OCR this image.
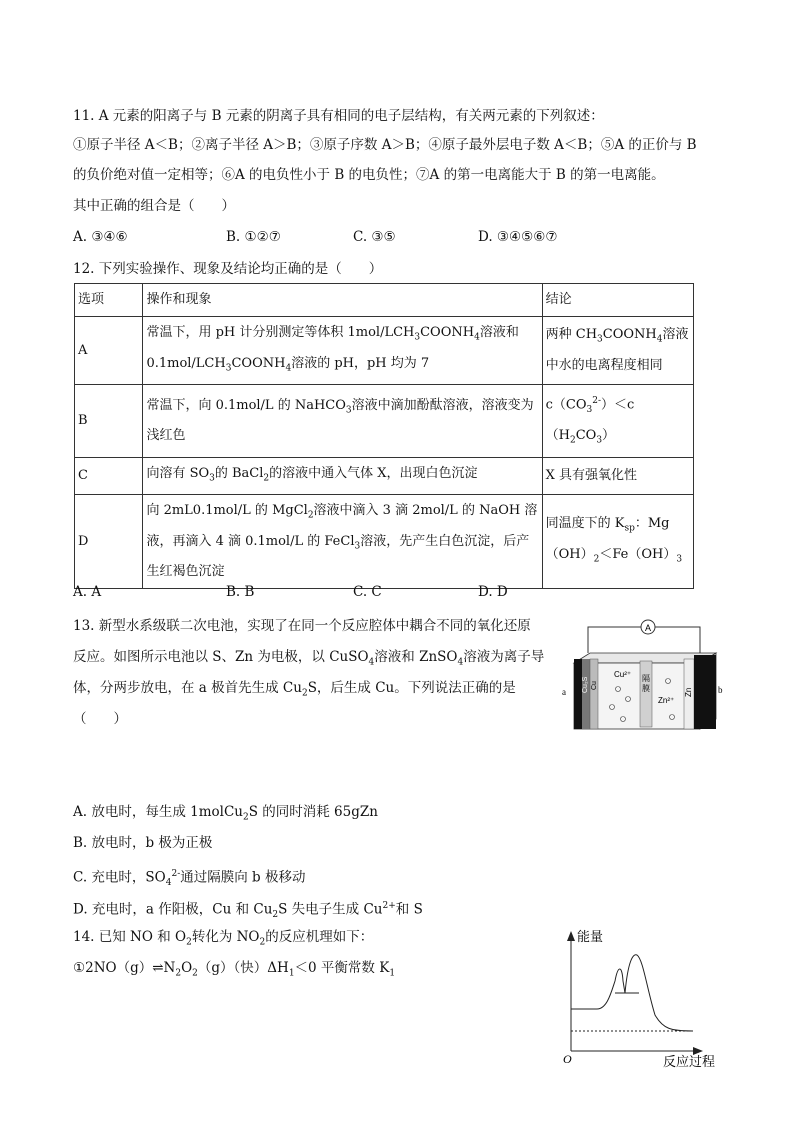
11. A 元素的阳离子与 B 元素的阴离子具有相同的电子层结构，有关两元素的下列叙述：
①原子半径 A＜B；②离子半径 A＞B；③原子序数 A＞B；④原子最外层电子数 A＜B；⑤A 的正价与 B
的负价绝对值一定相等；⑥A 的电负性小于 B 的电负性；⑦A 的第一电离能大于 B 的第一电离能。
其中正确的组合是（　　）
A. ③④⑥	B. ①②⑦	C. ③⑤	D. ③④⑤⑥⑦
12. 下列实验操作、现象及结论均正确的是（　　）
选项	操作和现象	结论
A	常温下，用 pH 计分别测定等体积 $1mol/LCH_3COONH_4$溶液和
$0.1mol/LCH_3COONH_4$溶液的 pH，pH 均为 7	两种 $CH_3COONH_4$溶液
中水的电离程度相同
B	常温下，向 0.1mol/L 的 NaHCO$_3$溶液中滴加酚酞溶液，溶液变为
浅红色	$c(CO_3^{2-})<c$
$(H_2CO_3)$
C	向溶有 $SO_3$的 BaCl$_2$的溶液中通入气体 X，出现白色沉淀	X 具有强氧化性
D	向 2mL0.1mol/L 的 MgCl$_2$溶液中滴入 3 滴 2mol/L 的 NaOH 溶
液，再滴入 4 滴 0.1mol/L 的 FeCl$_3$溶液，先产生白色沉淀，后产
生红褐色沉淀	同温度下的 $K_{sp}$：Mg
$(OH)_2<Fe(OH)_3$
A. A	B. B	C. C	D. D
13. 新型水系级联二次电池，实现了在同一个反应腔体中耦合不同的氧化还原
反应。如图所示电池以 S、Zn 为电极，以 CuSO$_4$溶液和 ZnSO$_4$溶液为离子导
体，分两步放电，在 a 极首先生成 $Cu_2S$，后生成 Cu。下列说法正确的是
（　　）
A
Cu₂S Cu
隔膜	Zn
Cu²⁺
Zn²⁺
a	b
A. 放电时，每生成 1molCu$_2$S 的同时消耗 65gZn
B. 放电时，b 极为正极
C. 充电时，$SO_4^{2-}$通过隔膜向 b 极移动
D. 充电时，a 作阳极，Cu 和 $Cu_2S$ 失电子生成 $Cu^{2+}$和 S
14. 已知 NO 和 $O_2$转化为 $NO_2$的反应机理如下：
$①2NO(g)\rightleftharpoons N_2O_2(g)$（快）$\Delta H_1<0$ 平衡常数 $K_1$
能量
O	反应过程
